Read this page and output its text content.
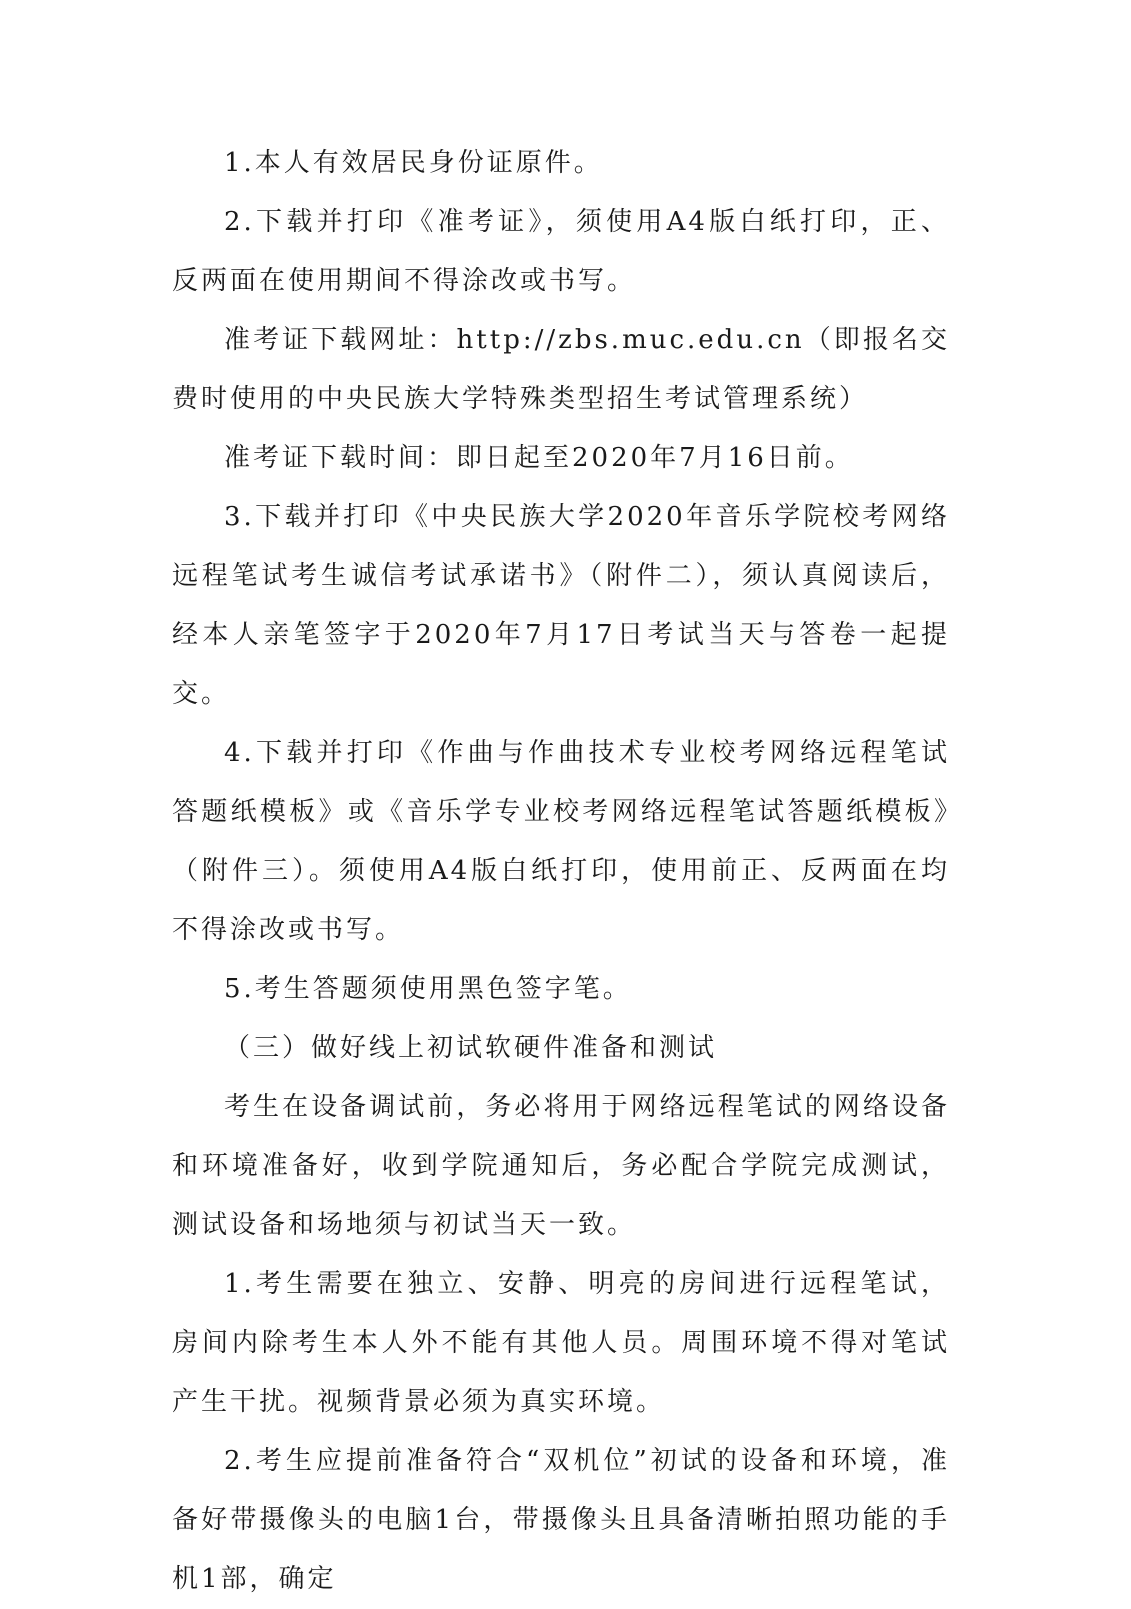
1.本人有效居民身份证原件。

2.下载并打印《准考证》，须使用A4版白纸打印，正、反两面在使用期间不得涂改或书写。

准考证下载网址：http://zbs.muc.edu.cn（即报名交费时使用的中央民族大学特殊类型招生考试管理系统）

准考证下载时间：即日起至2020年7月16日前。

3.下载并打印《中央民族大学2020年音乐学院校考网络远程笔试考生诚信考试承诺书》（附件二），须认真阅读后，经本人亲笔签字于2020年7月17日考试当天与答卷一起提交。

4.下载并打印《作曲与作曲技术专业校考网络远程笔试答题纸模板》或《音乐学专业校考网络远程笔试答题纸模板》（附件三）。须使用A4版白纸打印，使用前正、反两面在均不得涂改或书写。

5.考生答题须使用黑色签字笔。

（三）做好线上初试软硬件准备和测试

考生在设备调试前，务必将用于网络远程笔试的网络设备和环境准备好，收到学院通知后，务必配合学院完成测试，测试设备和场地须与初试当天一致。

1.考生需要在独立、安静、明亮的房间进行远程笔试，房间内除考生本人外不能有其他人员。周围环境不得对笔试产生干扰。视频背景必须为真实环境。

2.考生应提前准备符合“双机位”初试的设备和环境，准备好带摄像头的电脑1台，带摄像头且具备清晰拍照功能的手机1部，确定
